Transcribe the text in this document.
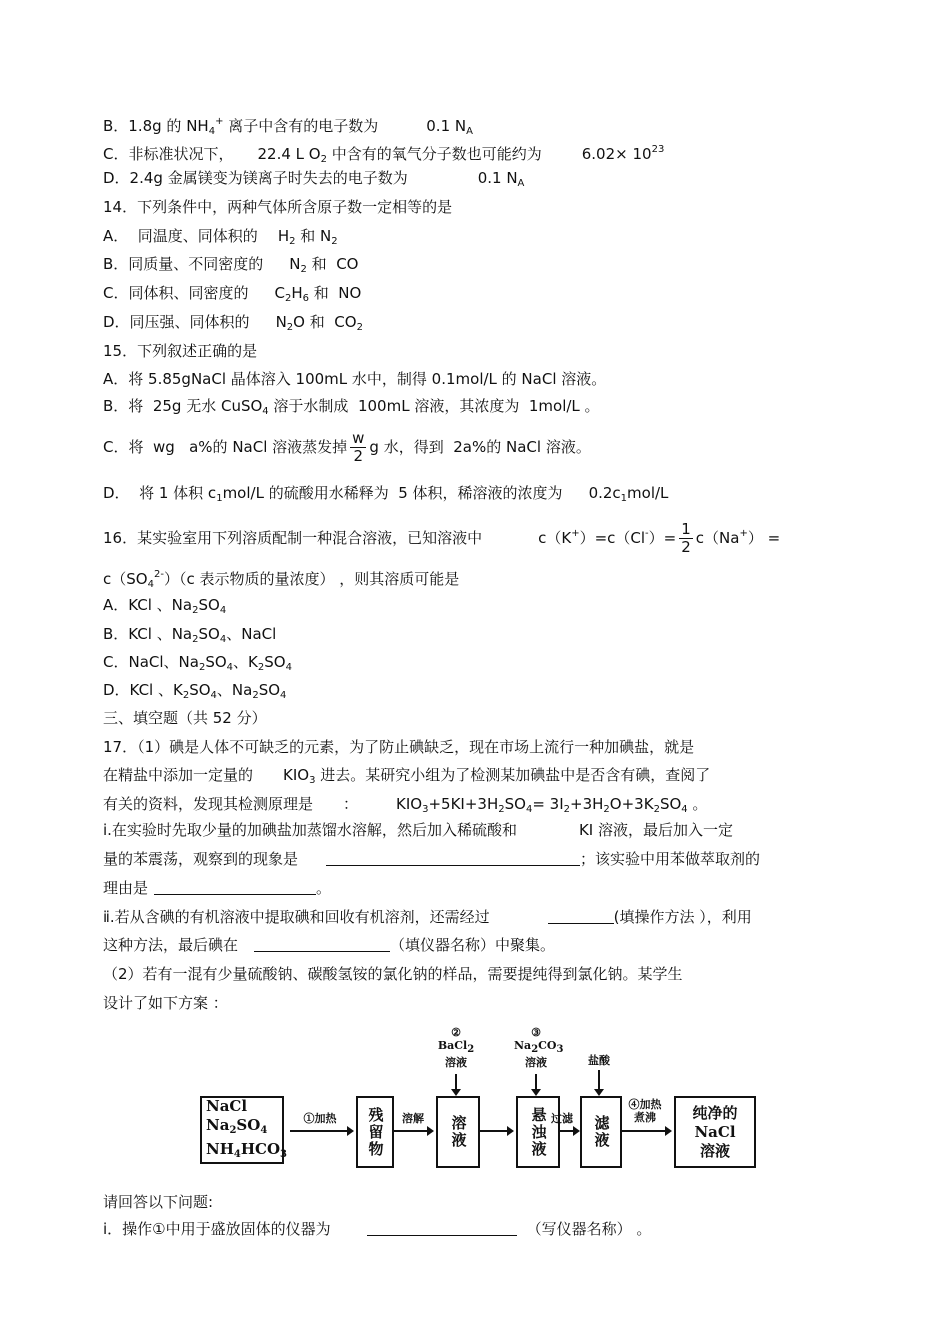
B．1.8g 的 $NH_4^+$ 离子中含有的电子数为	0.1 $N_A$
C．非标准状况下， 22.4 L $O_2$ 中含有的氧气分子数也可能约为	$6.02\times 10^{23}$
D．2.4g 金属镁变为镁离子时失去的电子数为	0.1 $N_A$
14．下列条件中，两种气体所含原子数一定相等的是
A．  同温度、同体积的 $H_2$ 和 $N_2$
B．同质量、不同密度的 $N_2$ 和  CO
C．同体积、同密度的 $C_2H_6$ 和  NO
D．同压强、同体积的 $N_2O$ 和  $CO_2$
15．下列叙述正确的是
A．将 5.85gNaCl 晶体溶入 100mL 水中，制得 0.1mol/L 的 NaCl 溶液。
B．将  25g 无水 CuSO$_4$ 溶于水制成  100mL 溶液，其浓度为  1mol/L 。
C．将  wg   a%的 NaCl 溶液蒸发掉 $\frac{w}{2}$ g 水，得到  2a%的 NaCl 溶液。
D．  将 1 体积 $c_1mol/L$ 的硫酸用水稀释为  5 体积，稀溶液的浓度为 $0.2c_1mol/L$
16．某实验室用下列溶质配制一种混合溶液，已知溶液中	$c(K^+)=c(Cl^-)= \frac{1}{2} c(Na^+)$ =
$c(SO_4^{2-})(c$ 表示物质的量浓度） ，则其溶质可能是
A．KCl 、$Na_2SO_4$
B．KCl 、$Na_2SO_4$、NaCl
C．NaCl、$Na_2SO_4$、$K_2SO_4$
D．KCl 、$K_2SO_4$、$Na_2SO_4$
三、填空题（共 52 分）
17．（1）碘是人体不可缺乏的元素，为了防止碘缺乏，现在市场上流行一种加碘盐，就是
在精盐中添加一定量的 $KIO_3$ 进去。某研究小组为了检测某加碘盐中是否含有碘，查阅了
有关的资料，发现其检测原理是 ：	$KIO_3+5KI+3H_2SO_4= 3I_2+3H_2O+3K_2SO_4$ 。
ⅰ.在实验时先取少量的加碘盐加蒸馏水溶解，然后加入稀硫酸和	KI 溶液，最后加入一定
量的苯震荡，观察到的现象是	；该实验中用苯做萃取剂的
理由是	。
ⅱ.若从含碘的有机溶液中提取碘和回收有机溶剂，还需经过	(填操作方法 ），利用
这种方法，最后碘在	（填仪器名称）中聚集。
（2）若有一混有少量硫酸钠、碳酸氢铵的氯化钠的样品，需要提纯得到氯化钠。某学生
设计了如下方案 ：
NaCl
$Na_2SO_4$
$NH_4HCO_3$
①加热	残留物	溶解	溶液
②
BaCl$_2$
溶液
悬浊液
③
$Na_2CO_3$
溶液
过滤	滤液
盐酸
④加热
煮沸	纯净的
NaCl
溶液
请回答以下问题:
ⅰ．操作①中用于盛放固体的仪器为	（写仪器名称） 。
